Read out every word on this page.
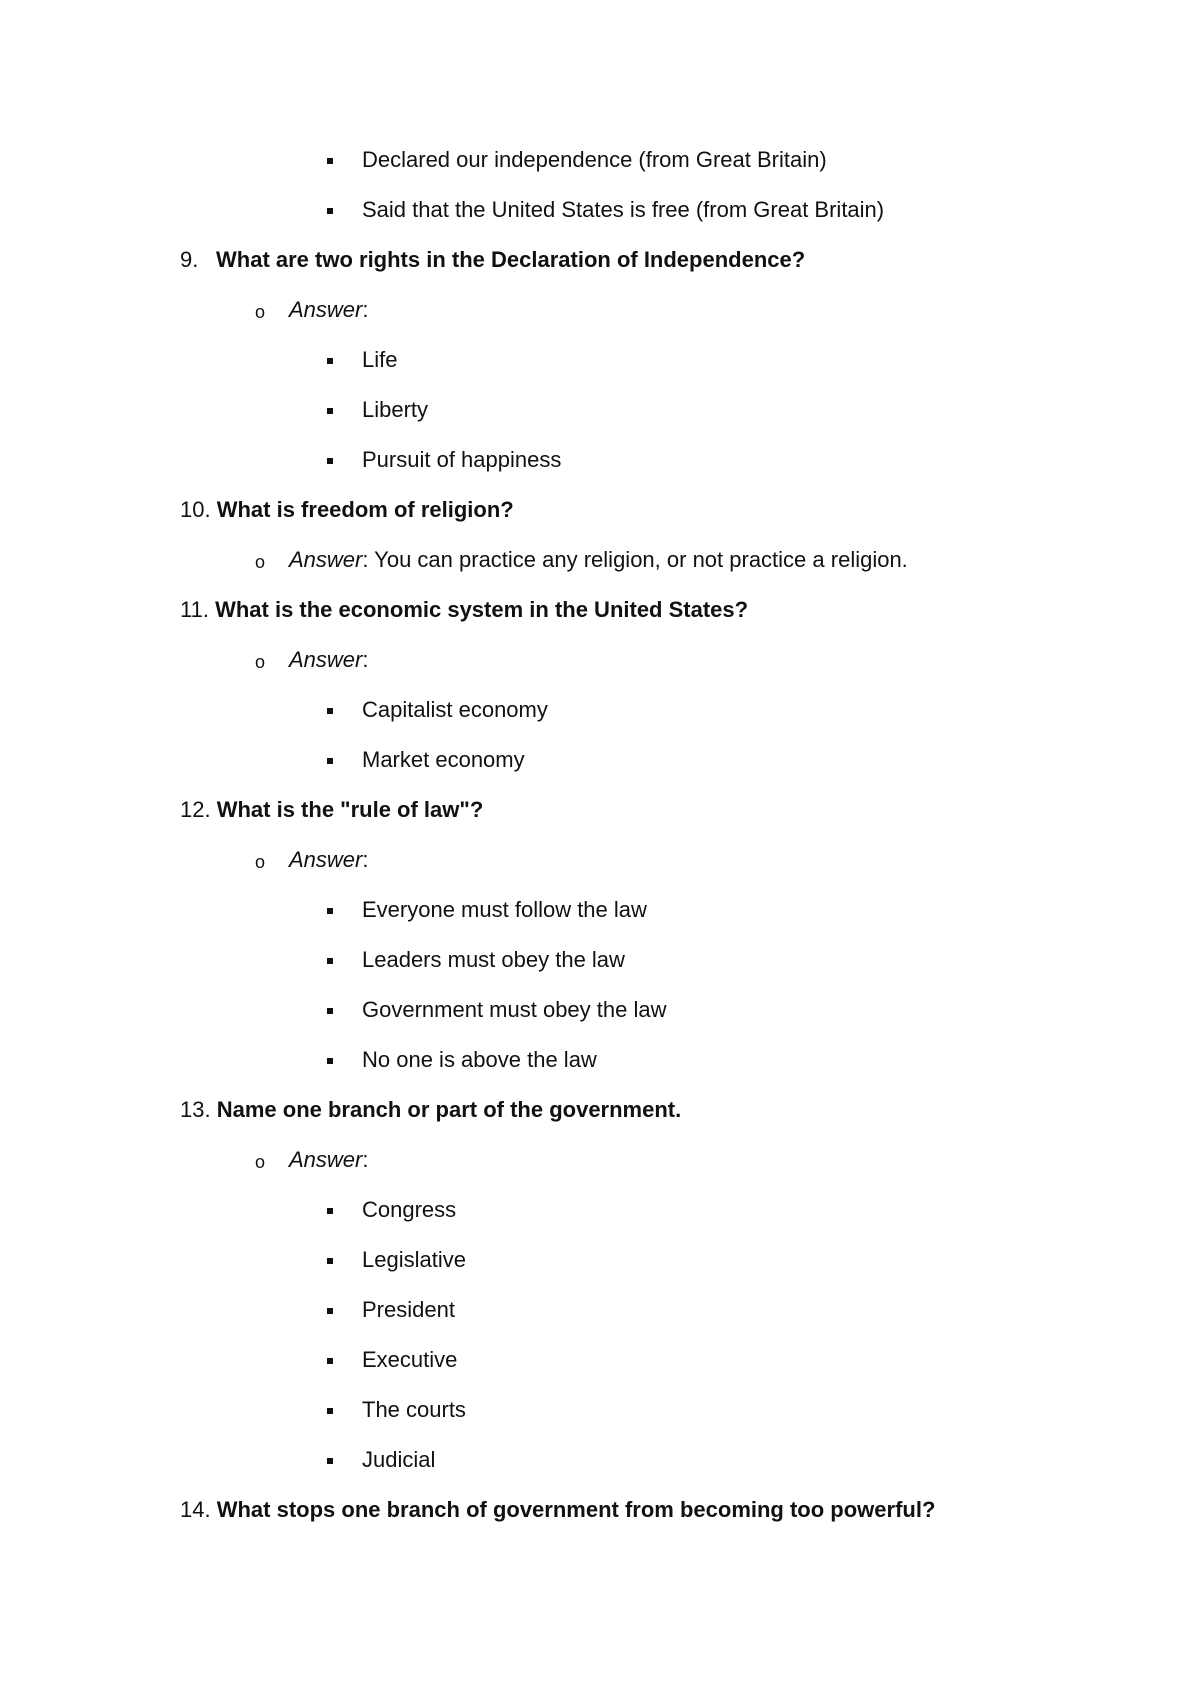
Declared our independence (from Great Britain)
Said that the United States is free (from Great Britain)
9. What are two rights in the Declaration of Independence?
o Answer:
Life
Liberty
Pursuit of happiness
10. What is freedom of religion?
o Answer: You can practice any religion, or not practice a religion.
11. What is the economic system in the United States?
o Answer:
Capitalist economy
Market economy
12. What is the "rule of law"?
o Answer:
Everyone must follow the law
Leaders must obey the law
Government must obey the law
No one is above the law
13. Name one branch or part of the government.
o Answer:
Congress
Legislative
President
Executive
The courts
Judicial
14. What stops one branch of government from becoming too powerful?
